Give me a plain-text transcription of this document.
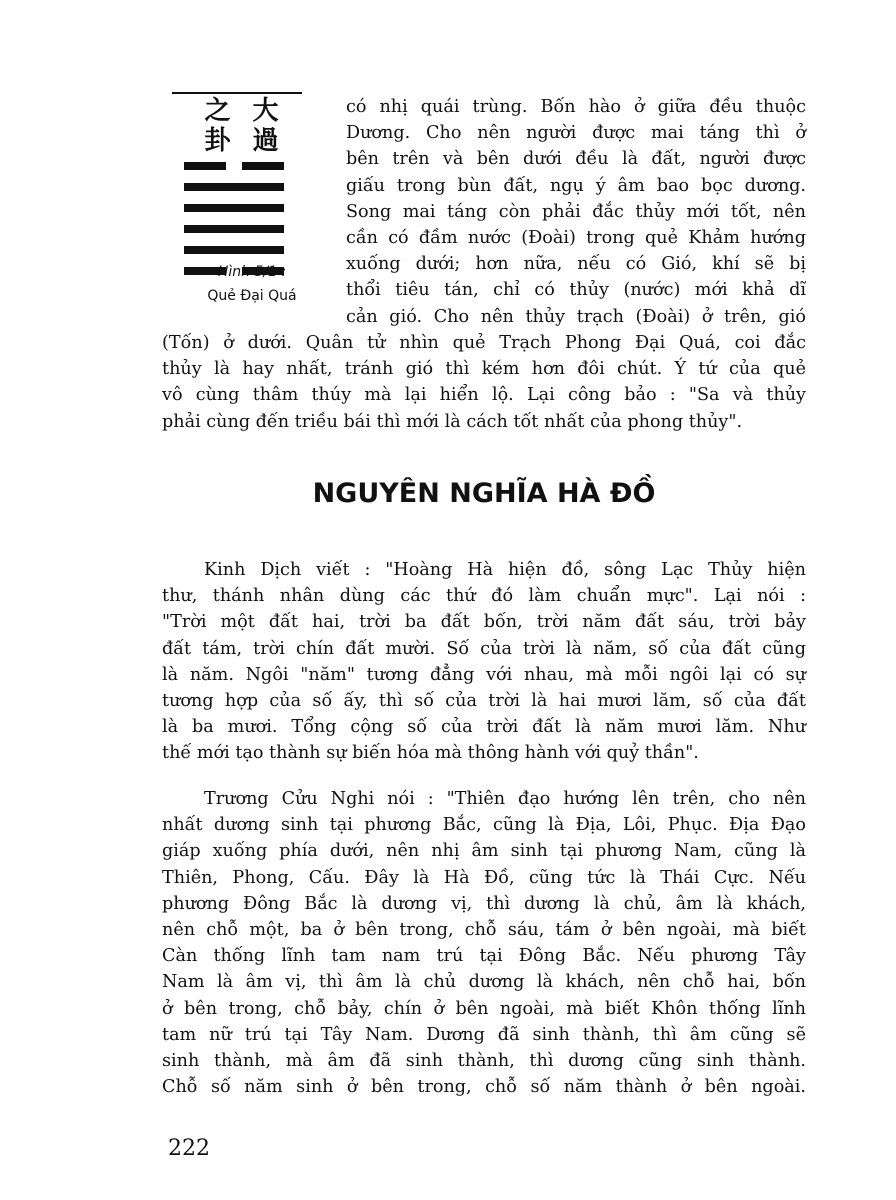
之卦 大過
Hình 5/1 :
Quẻ Đại Quá
có nhị quái trùng. Bốn hào ở giữa đều thuộc
Dương. Cho nên người được mai táng thì ở
bên trên và bên dưới đều là đất, người được
giấu trong bùn đất, ngụ ý âm bao bọc dương.
Song mai táng còn phải đắc thủy mới tốt, nên
cần có đầm nước (Đoài) trong quẻ Khảm hướng
xuống dưới; hơn nữa, nếu có Gió, khí sẽ bị
thổi tiêu tán, chỉ có thủy (nước) mới khả dĩ
cản gió. Cho nên thủy trạch (Đoài) ở trên, gió
(Tốn) ở dưới. Quân tử nhìn quẻ Trạch Phong Đại Quá, coi đắc
thủy là hay nhất, tránh gió thì kém hơn đôi chút. Ý tứ của quẻ
vô cùng thâm thúy mà lại hiển lộ. Lại công bảo : "Sa và thủy
phải cùng đến triều bái thì mới là cách tốt nhất của phong thủy".
NGUYÊN NGHĨA HÀ ĐỒ
Kinh Dịch viết : "Hoàng Hà hiện đồ, sông Lạc Thủy hiện
thư, thánh nhân dùng các thứ đó làm chuẩn mực". Lại nói :
"Trời một đất hai, trời ba đất bốn, trời năm đất sáu, trời bảy
đất tám, trời chín đất mười. Số của trời là năm, số của đất cũng
là năm. Ngôi "năm" tương đẳng với nhau, mà mỗi ngôi lại có sự
tương hợp của số ấy, thì số của trời là hai mươi lăm, số của đất
là ba mươi. Tổng cộng số của trời đất là năm mươi lăm. Như
thế mới tạo thành sự biến hóa mà thông hành với quỷ thần".
Trương Cửu Nghi nói : "Thiên đạo hướng lên trên, cho nên
nhất dương sinh tại phương Bắc, cũng là Địa, Lôi, Phục. Địa Đạo
giáp xuống phía dưới, nên nhị âm sinh tại phương Nam, cũng là
Thiên, Phong, Cấu. Đây là Hà Đồ, cũng tức là Thái Cực. Nếu
phương Đông Bắc là dương vị, thì dương là chủ, âm là khách,
nên chỗ một, ba ở bên trong, chỗ sáu, tám ở bên ngoài, mà biết
Càn thống lĩnh tam nam trú tại Đông Bắc. Nếu phương Tây
Nam là âm vị, thì âm là chủ dương là khách, nên chỗ hai, bốn
ở bên trong, chỗ bảy, chín ở bên ngoài, mà biết Khôn thống lĩnh
tam nữ trú tại Tây Nam. Dương đã sinh thành, thì âm cũng sẽ
sinh thành, mà âm đã sinh thành, thì dương cũng sinh thành.
Chỗ số năm sinh ở bên trong, chỗ số năm thành ở bên ngoài.
222
